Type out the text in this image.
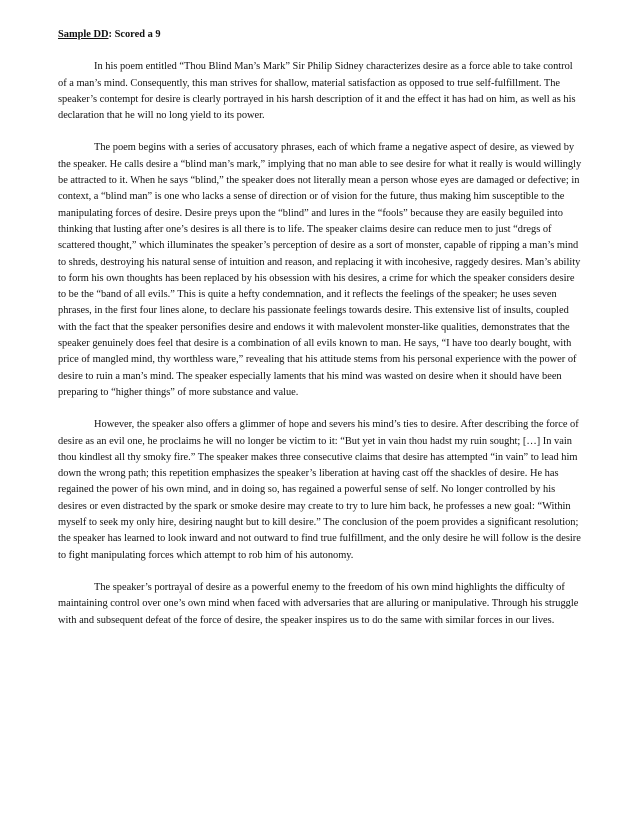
Sample DD: Scored a 9

In his poem entitled “Thou Blind Man’s Mark” Sir Philip Sidney characterizes desire as a force able to take control of a man’s mind. Consequently, this man strives for shallow, material satisfaction as opposed to true self-fulfillment. The speaker’s contempt for desire is clearly portrayed in his harsh description of it and the effect it has had on him, as well as his declaration that he will no long yield to its power.

The poem begins with a series of accusatory phrases, each of which frame a negative aspect of desire, as viewed by the speaker. He calls desire a “blind man’s mark,” implying that no man able to see desire for what it really is would willingly be attracted to it. When he says “blind,” the speaker does not literally mean a person whose eyes are damaged or defective; in context, a “blind man” is one who lacks a sense of direction or of vision for the future, thus making him susceptible to the manipulating forces of desire. Desire preys upon the “blind” and lures in the “fools” because they are easily beguiled into thinking that lusting after one’s desires is all there is to life. The speaker claims desire can reduce men to just “dregs of scattered thought,” which illuminates the speaker’s perception of desire as a sort of monster, capable of ripping a man’s mind to shreds, destroying his natural sense of intuition and reason, and replacing it with incohesive, raggedy desires. Man’s ability to form his own thoughts has been replaced by his obsession with his desires, a crime for which the speaker considers desire to be the “band of all evils.” This is quite a hefty condemnation, and it reflects the feelings of the speaker; he uses seven phrases, in the first four lines alone, to declare his passionate feelings towards desire. This extensive list of insults, coupled with the fact that the speaker personifies desire and endows it with malevolent monster-like qualities, demonstrates that the speaker genuinely does feel that desire is a combination of all evils known to man. He says, “I have too dearly bought, with price of mangled mind, thy worthless ware,” revealing that his attitude stems from his personal experience with the power of desire to ruin a man’s mind. The speaker especially laments that his mind was wasted on desire when it should have been preparing to “higher things” of more substance and value.

However, the speaker also offers a glimmer of hope and severs his mind’s ties to desire. After describing the force of desire as an evil one, he proclaims he will no longer be victim to it: “But yet in vain thou hadst my ruin sought; […] In vain thou kindlest all thy smoky fire.” The speaker makes three consecutive claims that desire has attempted “in vain” to lead him down the wrong path; this repetition emphasizes the speaker’s liberation at having cast off the shackles of desire. He has regained the power of his own mind, and in doing so, has regained a powerful sense of self. No longer controlled by his desires or even distracted by the spark or smoke desire may create to try to lure him back, he professes a new goal: “Within myself to seek my only hire, desiring naught but to kill desire.” The conclusion of the poem provides a significant resolution; the speaker has learned to look inward and not outward to find true fulfillment, and the only desire he will follow is the desire to fight manipulating forces which attempt to rob him of his autonomy.

The speaker’s portrayal of desire as a powerful enemy to the freedom of his own mind highlights the difficulty of maintaining control over one’s own mind when faced with adversaries that are alluring or manipulative. Through his struggle with and subsequent defeat of the force of desire, the speaker inspires us to do the same with similar forces in our lives.
